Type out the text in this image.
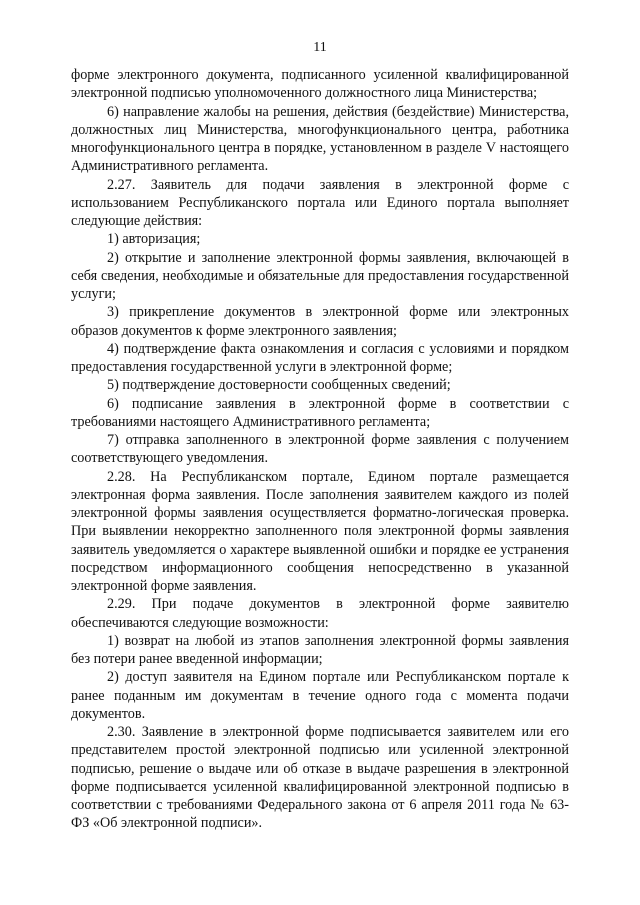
11

форме электронного документа, подписанного усиленной квалифицированной электронной подписью уполномоченного должностного лица Министерства;

6) направление жалобы на решения, действия (бездействие) Министерства, должностных лиц Министерства, многофункционального центра, работника многофункционального центра в порядке, установленном в разделе V настоящего Административного регламента.

2.27. Заявитель для подачи заявления в электронной форме с использованием Республиканского портала или Единого портала выполняет следующие действия:

1) авторизация;

2) открытие и заполнение электронной формы заявления, включающей в себя сведения, необходимые и обязательные для предоставления государственной услуги;

3) прикрепление документов в электронной форме или электронных образов документов к форме электронного заявления;

4) подтверждение факта ознакомления и согласия с условиями и порядком предоставления государственной услуги в электронной форме;

5) подтверждение достоверности сообщенных сведений;

6) подписание заявления в электронной форме в соответствии с требованиями настоящего Административного регламента;

7) отправка заполненного в электронной форме заявления с получением соответствующего уведомления.

2.28. На Республиканском портале, Едином портале размещается электронная форма заявления. После заполнения заявителем каждого из полей электронной формы заявления осуществляется форматно-логическая проверка. При выявлении некорректно заполненного поля электронной формы заявления заявитель уведомляется о характере выявленной ошибки и порядке ее устранения посредством информационного сообщения непосредственно в указанной электронной форме заявления.

2.29. При подаче документов в электронной форме заявителю обеспечиваются следующие возможности:

1) возврат на любой из этапов заполнения электронной формы заявления без потери ранее введенной информации;

2) доступ заявителя на Едином портале или Республиканском портале к ранее поданным им документам в течение одного года с момента подачи документов.

2.30. Заявление в электронной форме подписывается заявителем или его представителем простой электронной подписью или усиленной электронной подписью, решение о выдаче или об отказе в выдаче разрешения в электронной форме подписывается усиленной квалифицированной электронной подписью в соответствии с требованиями Федерального закона от 6 апреля 2011 года № 63-ФЗ «Об электронной подписи».
